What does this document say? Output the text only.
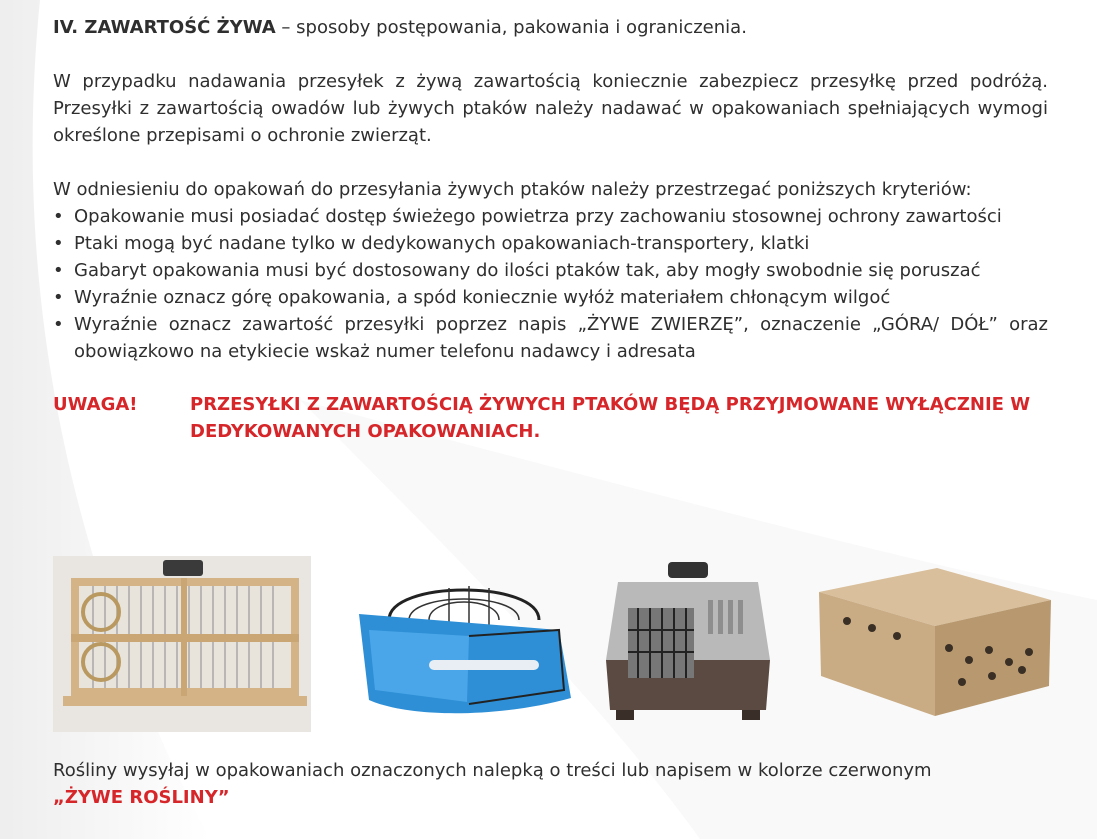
IV. ZAWARTOŚĆ ŻYWA – sposoby postępowania, pakowania i ograniczenia.

W przypadku nadawania przesyłek z żywą zawartością koniecznie zabezpiecz przesyłkę przed podróżą. Przesyłki z zawartością owadów lub żywych ptaków należy nadawać w opakowaniach spełniających wymogi określone przepisami o ochronie zwierząt.

W odniesieniu do opakowań do przesyłania żywych ptaków należy przestrzegać poniższych kryteriów:

• Opakowanie musi posiadać dostęp świeżego powietrza przy zachowaniu stosownej ochrony zawartości
• Ptaki mogą być nadane tylko w dedykowanych opakowaniach-transportery, klatki
• Gabaryt opakowania musi być dostosowany do ilości ptaków tak, aby mogły swobodnie się poruszać
• Wyraźnie oznacz górę opakowania, a spód koniecznie wyłóż materiałem chłonącym wilgoć
• Wyraźnie oznacz zawartość przesyłki poprzez napis „ŻYWE ZWIERZĘ”, oznaczenie „GÓRA/ DÓŁ” oraz obowiązkowo na etykiecie wskaż numer telefonu nadawcy i adresata
UWAGA!	PRZESYŁKI Z ZAWARTOŚCIĄ ŻYWYCH PTAKÓW BĘDĄ PRZYJMOWANE WYŁĄCZNIE W DEDYKOWANYCH OPAKOWANIACH.
Rośliny wysyłaj w opakowaniach oznaczonych nalepką o treści lub napisem w kolorze czerwonym
„ŻYWE ROŚLINY”
